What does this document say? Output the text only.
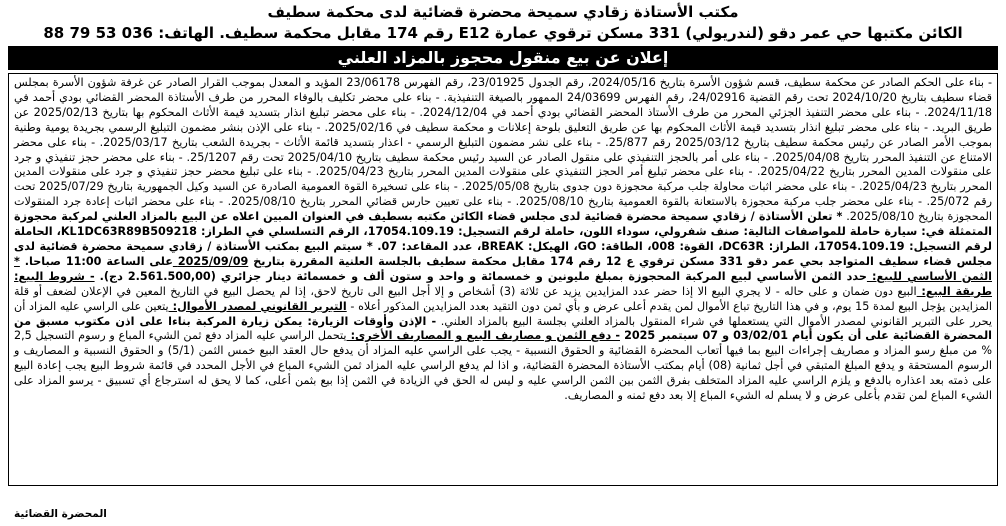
مكتب الأستاذة زقادي سميحة محضرة قضائية لدى محكمة سطيف
الكائن مكتبها حي عمر دقو (لندريولي) 331 مسكن ترقوي عمارة E12 رقم 174 مقابل محكمة سطيف. الهاتف: 036 53 79 88
إعلان عن بيع منقول محجوز بالمزاد العلني
- بناء على الحكم الصادر عن محكمة سطيف، قسم شؤون الأسرة بتاريخ 2024/05/16، رقم الجدول 23/01925، رقم الفهرس 23/06178 المؤيد و المعدل بموجب القرار الصادر عن غرفة شؤون الأسرة بمجلس قضاء سطيف بتاريخ 2024/10/20 تحت رقم القضية 24/02916، رقم الفهرس 24/03699 الممهور بالصيغة التنفيذية. - بناء على محضر تكليف بالوفاء المحرر من طرف الأستاذة المحضر القضائي بودي أحمد في 2024/11/18. - بناء على محضر التنفيذ الجزئي المحرر من طرف الأستاذ المحضر القضائي بودي أحمد في 2024/12/04. - بناء على محضر تبليغ انذار بتسديد قيمة الأثاث المحكوم بها بتاريخ 2025/02/13 عن طريق البريد. - بناء على محضر تبليغ انذار بتسديد قيمة الأثاث المحكوم بها عن طريق التعليق بلوحة إعلانات و محكمة سطيف في 2025/02/16. - بناء على الإذن بنشر مضمون التبليغ الرسمي بجريدة يومية وطنية بموجب الأمر الصادر عن رئيس محكمة سطيف بتاريخ 2025/03/12 رقم 25/877. - بناء على نشر مضمون التبليغ الرسمي - اعذار بتسديد قائمة الأثاث - بجريدة الشعب بتاريخ 2025/03/17. - بناء على محضر الامتناع عن التنفيذ المحرر بتاريخ 2025/04/08. - بناء على أمر بالحجز التنفيذي على منقول الصادر عن السيد رئيس محكمة سطيف بتاريخ 2025/04/10 تحت رقم 25/1207. - بناء على محضر حجز تنفيذي و جرد على منقولات المدين المحرر بتاريخ 2025/04/22. - بناء على محضر تبليغ أمر الحجز التنفيذي على منقولات المدين المحرر بتاريخ 2025/04/23. - بناء على تبليغ محضر حجز تنفيذي و جرد على منقولات المدين المحرر بتاريخ 2025/04/23. - بناء على محضر اثبات محاولة جلب مركبة محجوزة دون جدوى بتاريخ 2025/05/08. - بناء على تسخيرة القوة العمومية الصادرة عن السيد وكيل الجمهورية بتاريخ 2025/07/29 تحت رقم 25/072. - بناء على محضر جلب مركبة محجوزة بالاستعانة بالقوة العمومية بتاريخ 2025/08/10. - بناء على تعيين حارس قضائي المحرر بتاريخ 2025/08/10. - بناء على محضر اثبات إعادة جرد المنقولات المحجوزة بتاريخ 2025/08/10. * تعلن الأستاذة / زقادي سميحة محضرة قضائية لدى مجلس قضاء الكائن مكتبه بسطيف في العنوان المبين اعلاه عن البيع بالمزاد العلني لمركبة محجوزة المتمثلة في: سيارة حاملة للمواصفات التالية: صنف شفرولي، سوداء اللون، حاملة لرقم التسجيل: 17054.109.19، الرقم التسلسلي في الطراز: KL1DC63R89B509218، الحاملة لرقم التسجيل: 17054.109.19، الطراز: DC63R، القوة: 008، الطاقة: GO، الهيكل: BREAK، عدد المقاعد: 07. * سيتم البيع بمكتب الأستاذة / زقادي سميحة محضرة قضائية لدى مجلس قضاء سطيف المتواجد بحي عمر دقو 331 مسكن ترقوي ع 12 رقم 174 مقابل محكمة سطيف بالجلسة العلنية المقررة بتاريخ 2025/09/09 على الساعة 11:00 صباحا. * الثمن الأساسي للبيع: حدد الثمن الأساسي لبيع المركبة المحجوزة بمبلغ مليونين و خمسمائة و واحد و ستون ألف و خمسمائة دينار جزائري (2.561.500,00 دج). - شروط البيع: طريقة البيع: البيع دون ضمان و على حاله - لا يجري البيع الا إذا حضر عدد المزايدين يزيد عن ثلاثة (3) أشخاص و إلا أجل البيع الى تاريخ لاحق، إذا لم يحصل البيع في التاريخ المعين في الإعلان لضعف أو قلة المزايدين يؤجل البيع لمدة 15 يوم، و في هذا التاريخ تباع الأموال لمن يقدم أعلى عرض و بأي ثمن دون التقيد بعدد المزايدين المذكور أعلاه - التبرير القانوني لمصدر الأموال: يتعين على الراسي عليه المزاد أن يحرر على التبرير القانوني لمصدر الأموال التي يستعملها في شراء المنقول بالمزاد العلني بجلسة البيع بالمزاد العلني. - الإذن وأوقات الزيارة: يمكن زيارة المركبة بناءا على اذن مكتوب مسبق من المحضرة القضائية على أن يكون أيام 03/02/01 و 07 سبتمبر 2025 - دفع الثمن و مصاريف البيع و المصاريف الأخرى: يتحمل الراسي عليه المزاد دفع ثمن الشيء المباع و رسوم التسجيل 2,5 % من مبلغ رسو المزاد و مصاريف إجراءات البيع بما فيها أتعاب المحضرة القضائية و الحقوق النسبية - يجب على الراسي عليه المزاد أن يدفع حال العقد البيع خمس الثمن (5/1) و الحقوق النسبية و المصاريف و الرسوم المستحقة و يدفع المبلغ المتبقي في أجل ثمانية (08) أيام بمكتب الأستاذة المحضرة القضائية، و اذا لم يدفع الراسي عليه المزاد ثمن الشيء المباع في الأجل المحدد في قائمة شروط البيع يجب إعادة البيع على ذمته بعد اعذاره بالدفع و يلزم الراسي عليه المزاد المتخلف بفرق الثمن بين الثمن الراسي عليه و ليس له الحق في الزيادة في الثمن إذا بيع بثمن أعلى، كما لا يحق له استرجاع أي تسبيق - يرسو المزاد على الشيء المباع لمن تقدم بأعلى عرض و لا يسلم له الشيء المباع إلا بعد دفع ثمنه و المصاريف.
المحضرة القضائية
